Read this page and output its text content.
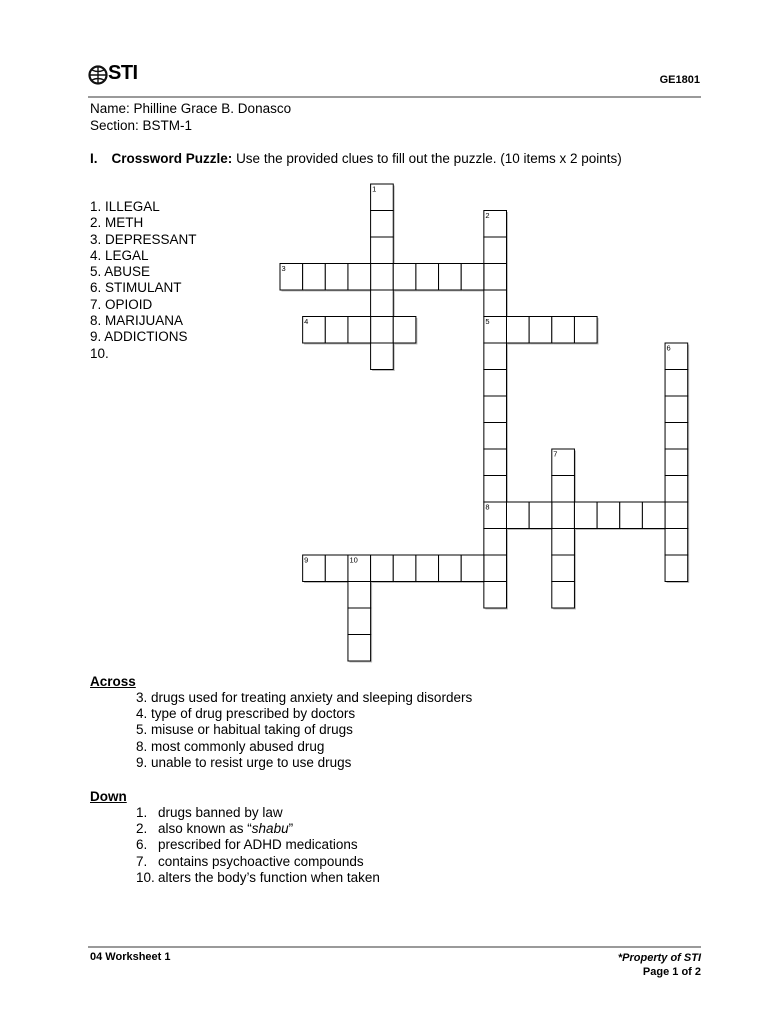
STI	GE1801
Name: Philline Grace B. Donasco
Section: BSTM-1
I. Crossword Puzzle: Use the provided clues to fill out the puzzle. (10 items x 2 points)
1. ILLEGAL
2. METH
3. DEPRESSANT
4. LEGAL
5. ABUSE
6. STIMULANT
7. OPIOID
8. MARIJUANA
9. ADDICTIONS
10.
1
2
5
8
3
4
6
7
9	10
Across
3. drugs used for treating anxiety and sleeping disorders
4. type of drug prescribed by doctors
5. misuse or habitual taking of drugs
8. most commonly abused drug
9. unable to resist urge to use drugs
Down
1. drugs banned by law
2. also known as “shabu”
6. prescribed for ADHD medications
7. contains psychoactive compounds
10. alters the body’s function when taken
04 Worksheet 1	*Property of STI
Page 1 of 2
